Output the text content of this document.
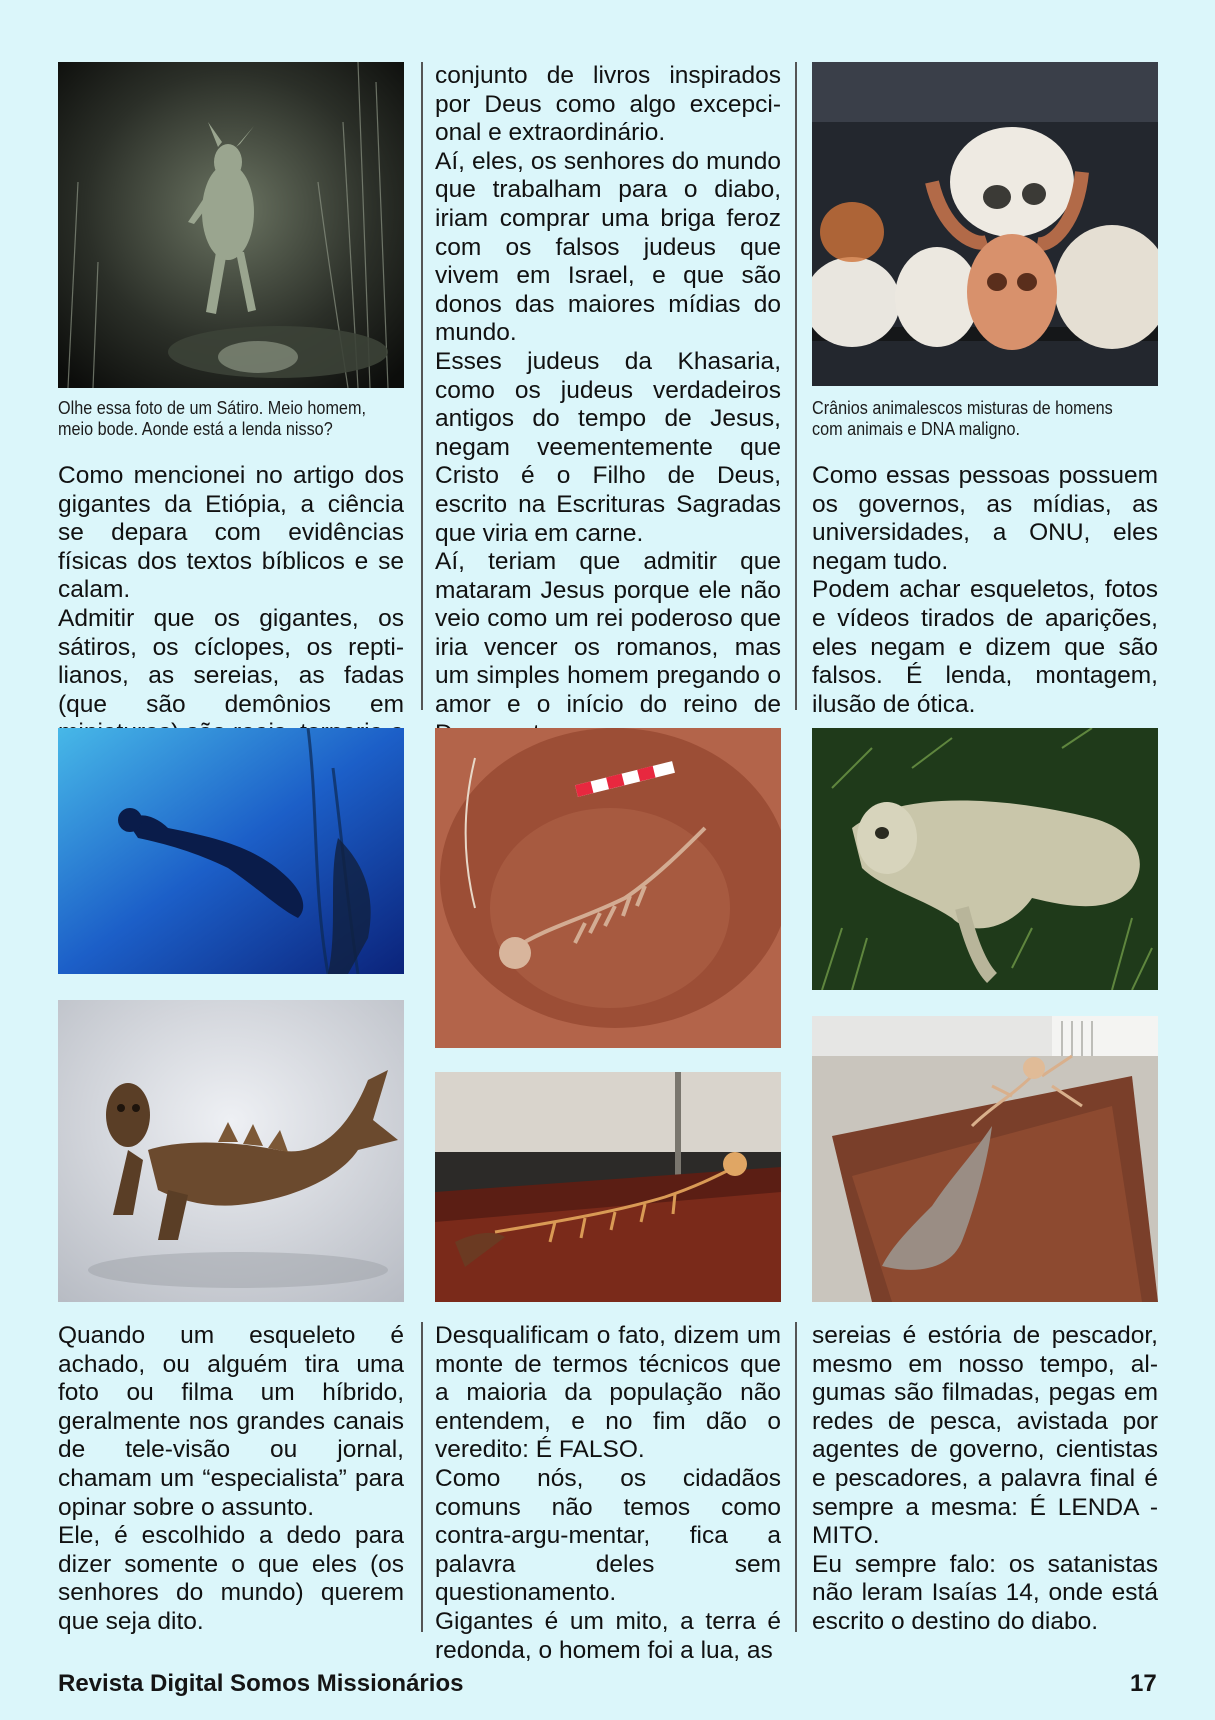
Olhe essa foto de um Sátiro. Meio homem,
meio bode. Aonde está a lenda nisso?
Crânios animalescos misturas de homens
com animais e DNA maligno.

Como mencionei no artigo dos gigantes da Etiópia, a ciência se depara com evidências físicas dos textos bíblicos e se calam.

Admitir que os gigantes, os sátiros, os cíclopes, os repti-lianos, as sereias, as fadas (que são demônios em

conjunto de livros inspirados por Deus como algo excepci-onal e extraordinário.

Aí, eles, os senhores do mundo que trabalham para o diabo, iriam comprar uma briga feroz com os falsos judeus que vivem em Israel, e que são donos das maiores mídias do mundo.

Esses judeus da Khasaria, como os judeus verdadeiros antigos do tempo de Jesus, negam veementemente que Cristo é o Filho de Deus, escrito na Escrituras Sagradas que viria em carne.

Aí, teriam que admitir que mataram Jesus porque ele não veio como um rei poderoso que iria vencer os romanos, mas um simples homem pregando o amor e o início do reino de

Como essas pessoas possuem os governos, as mídias, as universidades, a ONU, eles negam tudo.

Podem achar esqueletos, fotos e vídeos tirados de aparições, eles negam e dizem que são falsos. É lenda, montagem, ilusão de ótica.

Quando um esqueleto é achado, ou alguém tira uma foto ou filma um híbrido, geralmente nos grandes canais de tele-visão ou jornal, chamam um “especialista” para opinar sobre o assunto.

Ele, é escolhido a dedo para dizer somente o que eles (os senhores do mundo) querem que seja dito.

Desqualificam o fato, dizem um monte de termos técnicos que a maioria da população não entendem, e no fim dão o veredito: É FALSO.

Como nós, os cidadãos comuns não temos como contra-argu-mentar, fica a palavra deles sem questionamento.

Gigantes é um mito, a terra é redonda, o homem foi a lua, as

sereias é estória de pescador, mesmo em nosso tempo, al-gumas são filmadas, pegas em redes de pesca, avistada por agentes de governo, cientistas e pescadores, a palavra final é sempre a mesma: É LENDA - MITO.

Eu sempre falo: os satanistas não leram Isaías 14, onde está escrito o destino do diabo.

Revista Digital Somos Missionários	17
